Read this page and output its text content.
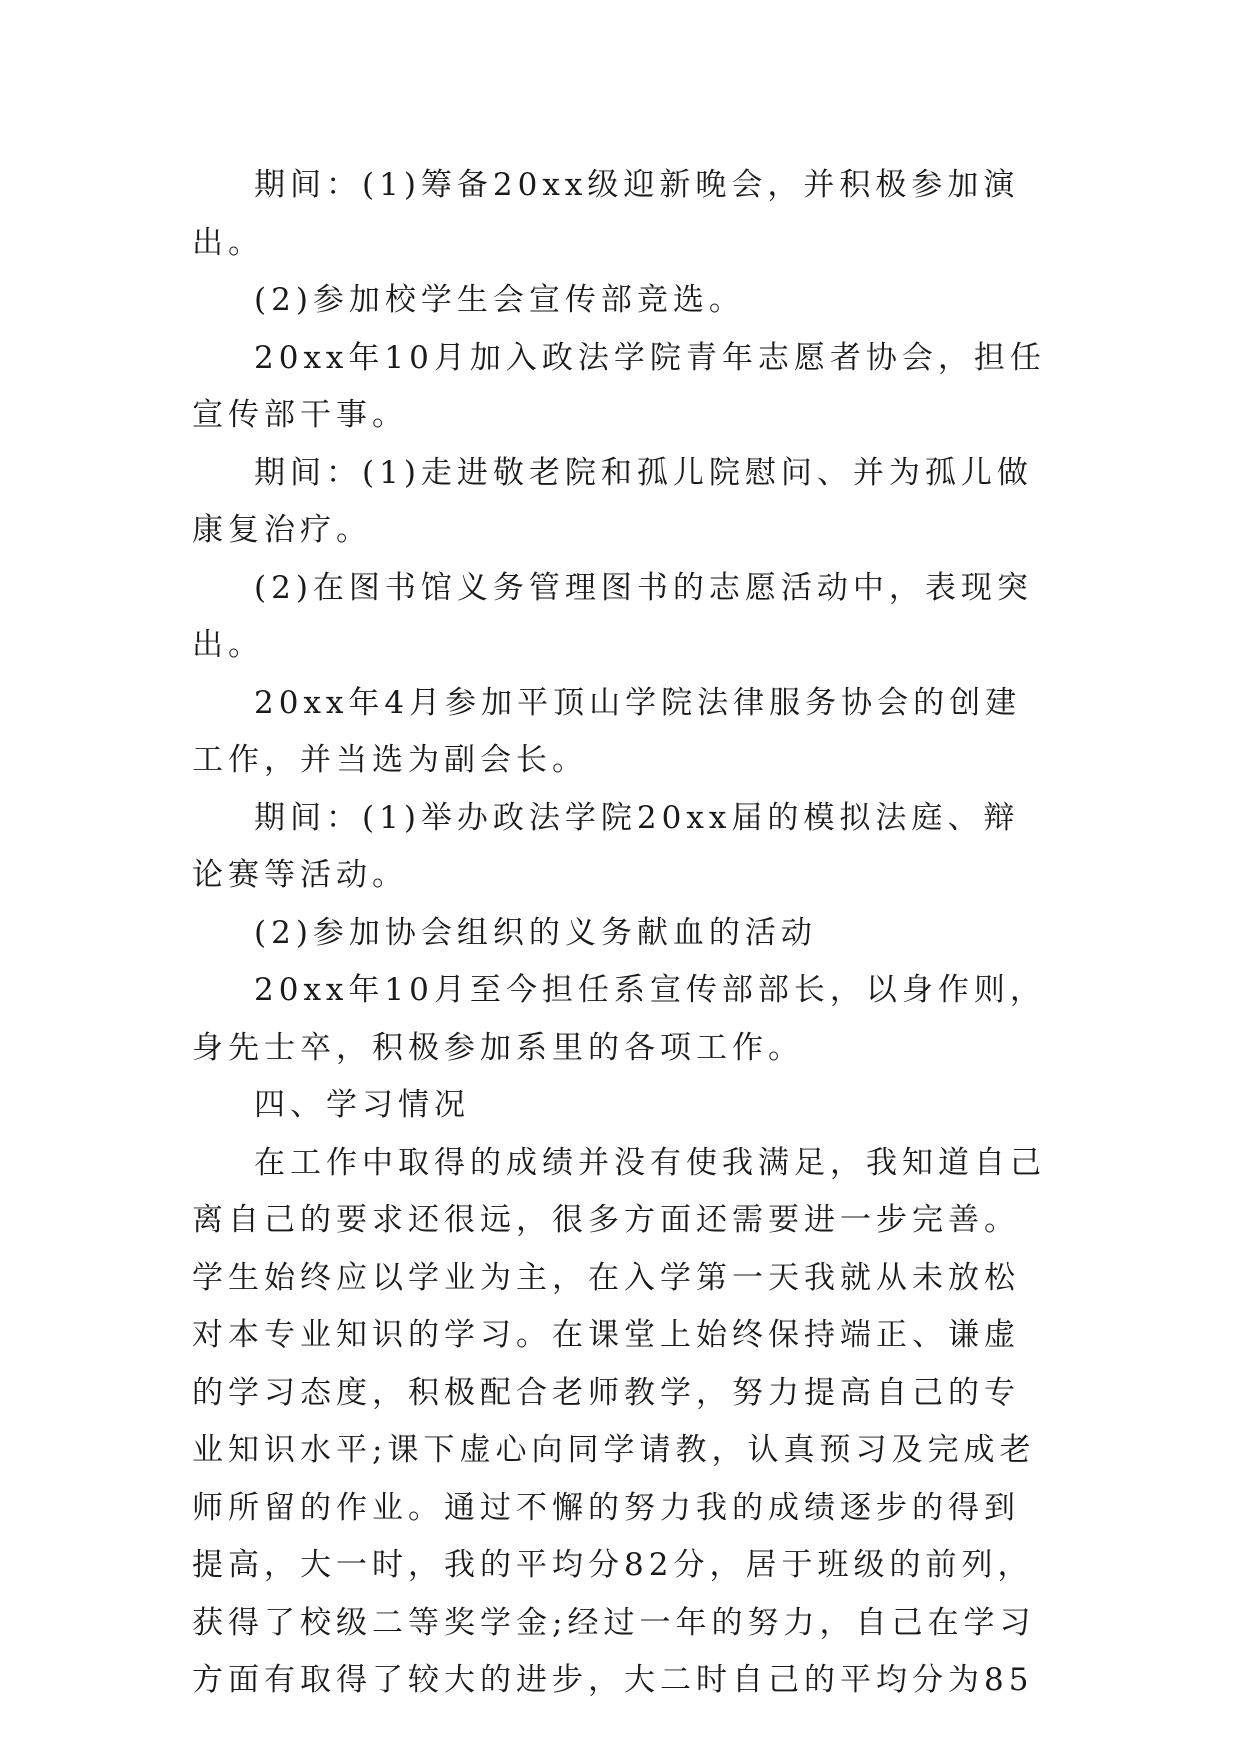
期间：(1)筹备20xx级迎新晚会，并积极参加演出。

(2)参加校学生会宣传部竞选。

20xx年10月加入政法学院青年志愿者协会，担任宣传部干事。

期间：(1)走进敬老院和孤儿院慰问、并为孤儿做康复治疗。

(2)在图书馆义务管理图书的志愿活动中，表现突出。

20xx年4月参加平顶山学院法律服务协会的创建工作，并当选为副会长。

期间：(1)举办政法学院20xx届的模拟法庭、辩论赛等活动。

(2)参加协会组织的义务献血的活动

20xx年10月至今担任系宣传部部长，以身作则，身先士卒，积极参加系里的各项工作。

四、学习情况

在工作中取得的成绩并没有使我满足，我知道自己离自己的要求还很远，很多方面还需要进一步完善。学生始终应以学业为主，在入学第一天我就从未放松对本专业知识的学习。在课堂上始终保持端正、谦虚的学习态度，积极配合老师教学，努力提高自己的专业知识水平;课下虚心向同学请教，认真预习及完成老师所留的作业。通过不懈的努力我的成绩逐步的得到提高，大一时，我的平均分82分，居于班级的前列，获得了校级二等奖学金;经过一年的努力，自己在学习方面有取得了较大的进步，大二时自己的平均分为85
